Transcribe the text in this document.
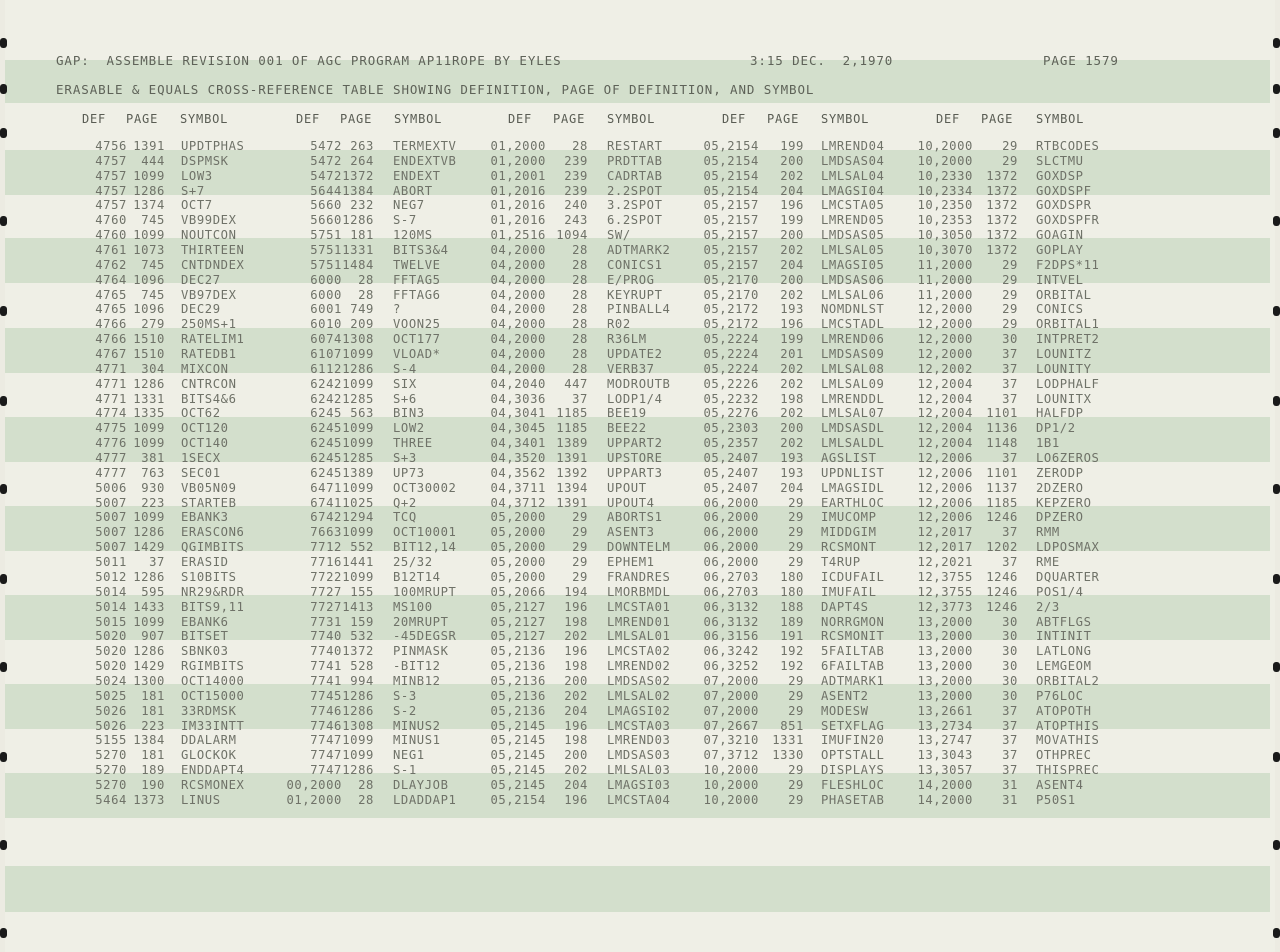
GAP:  ASSEMBLE REVISION 001 OF AGC PROGRAM AP11ROPE BY EYLES	3:15 DEC.  2,1970	PAGE 1579
ERASABLE & EQUALS CROSS-REFERENCE TABLE SHOWING DEFINITION, PAGE OF DEFINITION, AND SYMBOL
DEF PAGE SYMBOL	DEF PAGE SYMBOL	DEF PAGE SYMBOL	DEF PAGE SYMBOL	DEF PAGE SYMBOL
4756 1391 UPDTPHAS	5472 263 TERMEXTV	01,2000 28 RESTART	05,2154 199 LMREND04	10,2000 29 RTBCODES
4757 444 DSPMSK	5472 264 ENDEXTVB	01,2000 239 PRDTTAB	05,2154 200 LMDSAS04	10,2000 29 SLCTMU
4757 1099 LOW3	5472 1372 ENDEXT	01,2001 239 CADRTAB	05,2154 202 LMLSAL04	10,2330 1372 GOXDSP
4757 1286 S+7	5644 1384 ABORT	01,2016 239 2.2SPOT	05,2154 204 LMAGSI04	10,2334 1372 GOXDSPF
4757 1374 OCT7	5660 232 NEG7	01,2016 240 3.2SPOT	05,2157 196 LMCSTA05	10,2350 1372 GOXDSPR
4760 745 VB99DEX	5660 1286 S-7	01,2016 243 6.2SPOT	05,2157 199 LMREND05	10,2353 1372 GOXDSPFR
4760 1099 NOUTCON	5751 181 120MS	01,2516 1094 SW/	05,2157 200 LMDSAS05	10,3050 1372 GOAGIN
4761 1073 THIRTEEN	5751 1331 BITS3&4	04,2000 28 ADTMARK2	05,2157 202 LMLSAL05	10,3070 1372 GOPLAY
4762 745 CNTDNDEX	5751 1484 TWELVE	04,2000 28 CONICS1	05,2157 204 LMAGSI05	11,2000 29 F2DPS*11
4764 1096 DEC27	6000 28 FFTAG5	04,2000 28 E/PROG	05,2170 200 LMDSAS06	11,2000 29 INTVEL
4765 745 VB97DEX	6000 28 FFTAG6	04,2000 28 KEYRUPT	05,2170 202 LMLSAL06	11,2000 29 ORBITAL
4765 1096 DEC29	6001 749 ?	04,2000 28 PINBALL4	05,2172 193 NOMDNLST	12,2000 29 CONICS
4766 279 250MS+1	6010 209 VOON25	04,2000 28 R02	05,2172 196 LMCSTADL	12,2000 29 ORBITAL1
4766 1510 RATELIM1	6074 1308 OCT177	04,2000 28 R36LM	05,2224 199 LMREND06	12,2000 30 INTPRET2
4767 1510 RATEDB1	6107 1099 VLOAD*	04,2000 28 UPDATE2	05,2224 201 LMDSAS09	12,2000 37 LOUNITZ
4771 304 MIXCON	6112 1286 S-4	04,2000 28 VERB37	05,2224 202 LMLSAL08	12,2002 37 LOUNITY
4771 1286 CNTRCON	6242 1099 SIX	04,2040 447 MODROUTB	05,2226 202 LMLSAL09	12,2004 37 LODPHALF
4771 1331 BITS4&6	6242 1285 S+6	04,3036 37 LODP1/4	05,2232 198 LMRENDDL	12,2004 37 LOUNITX
4774 1335 OCT62	6245 563 BIN3	04,3041 1185 BEE19	05,2276 202 LMLSAL07	12,2004 1101 HALFDP
4775 1099 OCT120	6245 1099 LOW2	04,3045 1185 BEE22	05,2303 200 LMDSASDL	12,2004 1136 DP1/2
4776 1099 OCT140	6245 1099 THREE	04,3401 1389 UPPART2	05,2357 202 LMLSALDL	12,2004 1148 1B1
4777 381 1SECX	6245 1285 S+3	04,3520 1391 UPSTORE	05,2407 193 AGSLIST	12,2006 37 LO6ZEROS
4777 763 SEC01	6245 1389 UP73	04,3562 1392 UPPART3	05,2407 193 UPDNLIST	12,2006 1101 ZERODP
5006 930 VB05N09	6471 1099 OCT30002	04,3711 1394 UPOUT	05,2407 204 LMAGSIDL	12,2006 1137 2DZERO
5007 223 STARTEB	6741 1025 Q+2	04,3712 1391 UPOUT4	06,2000 29 EARTHLOC	12,2006 1185 KEPZERO
5007 1099 EBANK3	6742 1294 TCQ	05,2000 29 ABORTS1	06,2000 29 IMUCOMP	12,2006 1246 DPZERO
5007 1286 ERASCON6	7663 1099 OCT10001	05,2000 29 ASENT3	06,2000 29 MIDDGIM	12,2017 37 RMM
5007 1429 QGIMBITS	7712 552 BIT12,14	05,2000 29 DOWNTELM	06,2000 29 RCSMONT	12,2017 1202 LDPOSMAX
5011 37 ERASID	7716 1441 25/32	05,2000 29 EPHEM1	06,2000 29 T4RUP	12,2021 37 RME
5012 1286 S10BITS	7722 1099 B12T14	05,2000 29 FRANDRES	06,2703 180 ICDUFAIL	12,3755 1246 DQUARTER
5014 595 NR29&RDR	7727 155 100MRUPT	05,2066 194 LMORBMDL	06,2703 180 IMUFAIL	12,3755 1246 POS1/4
5014 1433 BITS9,11	7727 1413 MS100	05,2127 196 LMCSTA01	06,3132 188 DAPT4S	12,3773 1246 2/3
5015 1099 EBANK6	7731 159 20MRUPT	05,2127 198 LMREND01	06,3132 189 NORRGMON	13,2000 30 ABTFLGS
5020 907 BITSET	7740 532 -45DEGSR	05,2127 202 LMLSAL01	06,3156 191 RCSMONIT	13,2000 30 INTINIT
5020 1286 SBNK03	7740 1372 PINMASK	05,2136 196 LMCSTA02	06,3242 192 5FAILTAB	13,2000 30 LATLONG
5020 1429 RGIMBITS	7741 528 -BIT12	05,2136 198 LMREND02	06,3252 192 6FAILTAB	13,2000 30 LEMGEOM
5024 1300 OCT14000	7741 994 MINB12	05,2136 200 LMDSAS02	07,2000 29 ADTMARK1	13,2000 30 ORBITAL2
5025 181 OCT15000	7745 1286 S-3	05,2136 202 LMLSAL02	07,2000 29 ASENT2	13,2000 30 P76LOC
5026 181 33RDMSK	7746 1286 S-2	05,2136 204 LMAGSI02	07,2000 29 MODESW	13,2661 37 ATOPOTH
5026 223 IM33INTT	7746 1308 MINUS2	05,2145 196 LMCSTA03	07,2667 851 SETXFLAG	13,2734 37 ATOPTHIS
5155 1384 DDALARM	7747 1099 MINUS1	05,2145 198 LMREND03	07,3210 1331 IMUFIN20	13,2747 37 MOVATHIS
5270 181 GLOCKOK	7747 1099 NEG1	05,2145 200 LMDSAS03	07,3712 1330 OPTSTALL	13,3043 37 OTHPREC
5270 189 ENDDAPT4	7747 1286 S-1	05,2145 202 LMLSAL03	10,2000 29 DISPLAYS	13,3057 37 THISPREC
5270 190 RCSMONEX	00,2000 28 DLAYJOB	05,2145 204 LMAGSI03	10,2000 29 FLESHLOC	14,2000 31 ASENT4
5464 1373 LINUS	01,2000 28 LDADDAP1	05,2154 196 LMCSTA04	10,2000 29 PHASETAB	14,2000 31 P50S1
